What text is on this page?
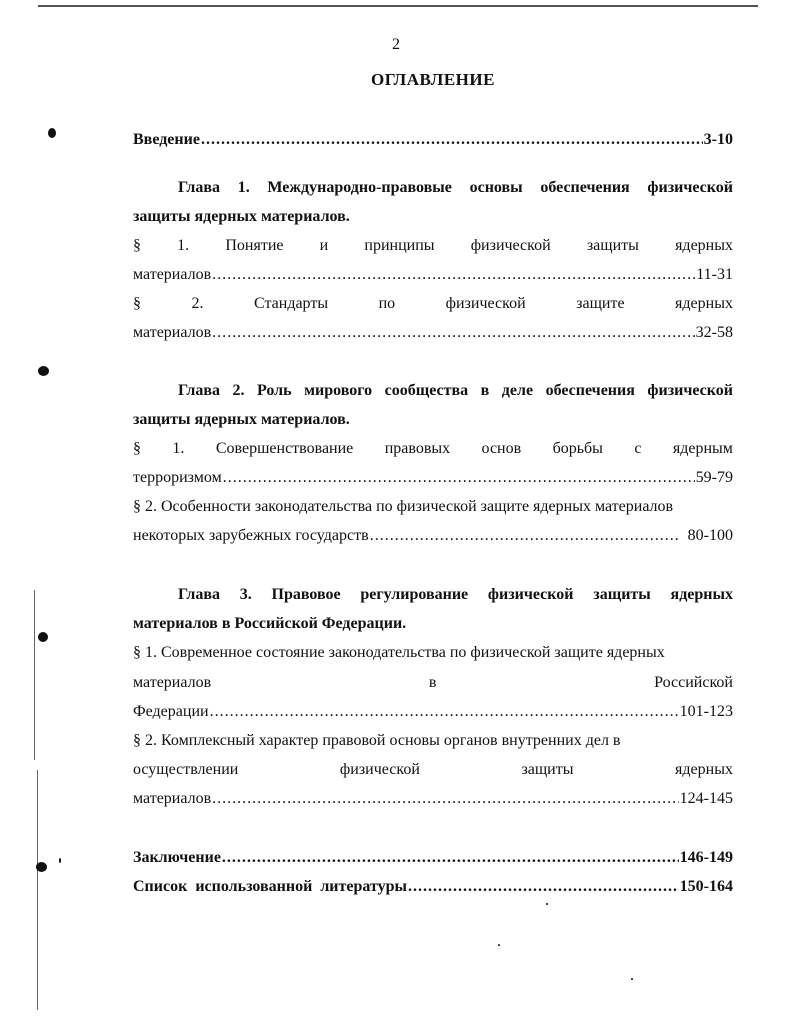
2
ОГЛАВЛЕНИЕ
Введение .....	3-10
Глава 1. Международно-правовые основы обеспечения физической
защиты ядерных материалов.
§ 1. Понятие и принципы физической защиты ядерных
материалов .....	11-31
§	2.	Стандарты	по	физической	защите	ядерных
материалов .....	32-58
Глава 2. Роль мирового сообщества в деле обеспечения физической
защиты ядерных материалов.
§ 1. Совершенствование правовых основ борьбы с ядерным
терроризмом .....	59-79
§ 2. Особенности законодательства по физической защите ядерных материалов
некоторых зарубежных государств .....	80-100
Глава 3. Правовое регулирование физической защиты ядерных
материалов в Российской Федерации.
§ 1. Современное состояние законодательства по физической защите ядерных
материалов	в	Российской
Федерации .....	101-123
§ 2. Комплексный характер правовой основы органов внутренних дел в
осуществлении	физической	защиты	ядерных
материалов .....	124-145
Заключение .....	146-149
Список использованной литературы .....	150-164
